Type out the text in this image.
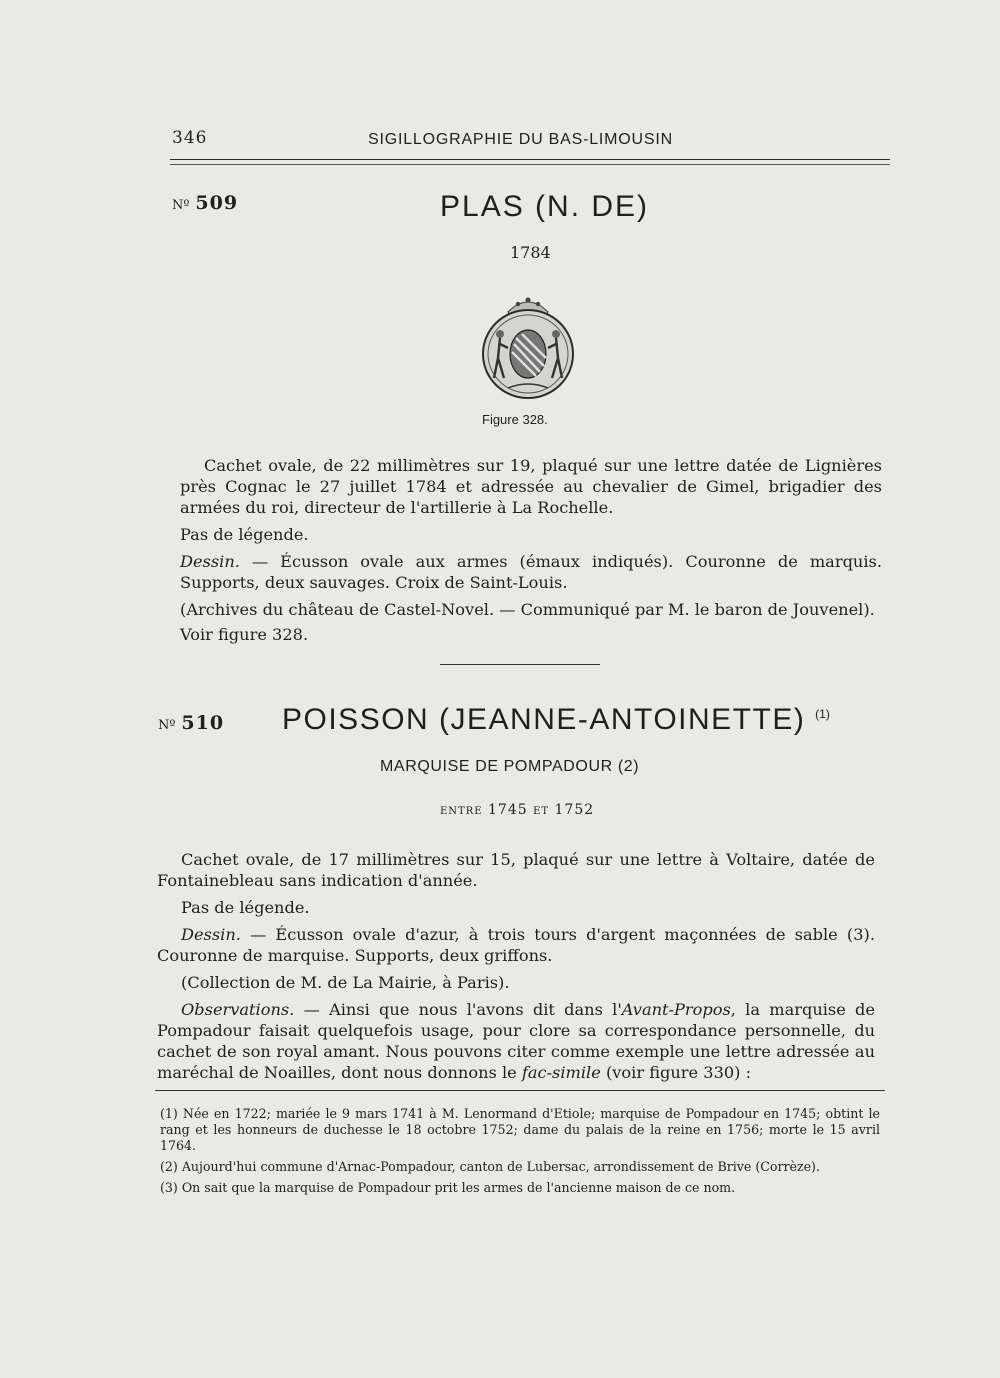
346	SIGILLOGRAPHIE DU BAS-LIMOUSIN
Nº 509	PLAS (N. DE)
1784
Figure 328.

Cachet ovale, de 22 millimètres sur 19, plaqué sur une lettre datée de Lignières près Cognac le 27 juillet 1784 et adressée au chevalier de Gimel, brigadier des armées du roi, directeur de l'artillerie à La Rochelle.

Pas de légende.

Dessin. — Écusson ovale aux armes (émaux indiqués). Couronne de marquis. Supports, deux sauvages. Croix de Saint-Louis.

(Archives du château de Castel-Novel. — Communiqué par M. le baron de Jouvenel).

Voir figure 328.

Nº 510 POISSON (JEANNE-ANTOINETTE) $^{(1)}$
MARQUISE DE POMPADOUR (2)
entre 1745 et 1752

Cachet ovale, de 17 millimètres sur 15, plaqué sur une lettre à Voltaire, datée de Fontainebleau sans indication d'année.

Pas de légende.

Dessin. — Écusson ovale d'azur, à trois tours d'argent maçonnées de sable (3). Couronne de marquise. Supports, deux griffons.

(Collection de M. de La Mairie, à Paris).

Observations. — Ainsi que nous l'avons dit dans l'Avant-Propos, la marquise de Pompadour faisait quelquefois usage, pour clore sa correspondance personnelle, du cachet de son royal amant. Nous pouvons citer comme exemple une lettre adressée au maréchal de Noailles, dont nous donnons le fac-simile (voir figure 330) :

(1) Née en 1722; mariée le 9 mars 1741 à M. Lenormand d'Etiole; marquise de Pompadour en 1745; obtint le rang et les honneurs de duchesse le 18 octobre 1752; dame du palais de la reine en 1756; morte le 15 avril 1764.

(2) Aujourd'hui commune d'Arnac-Pompadour, canton de Lubersac, arrondissement de Brive (Corrèze).

(3) On sait que la marquise de Pompadour prit les armes de l'ancienne maison de ce nom.
